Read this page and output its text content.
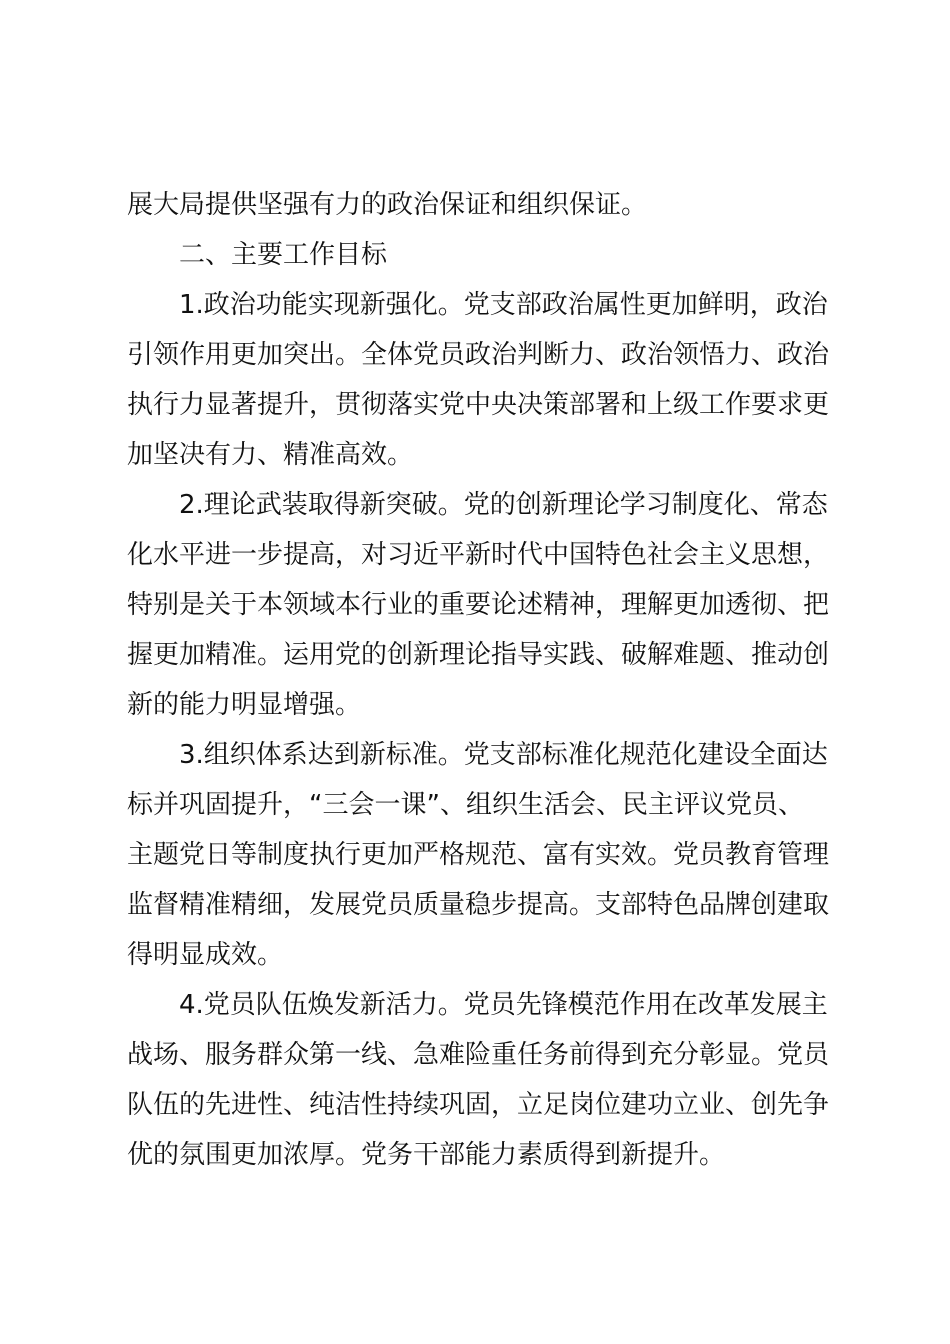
展大局提供坚强有力的政治保证和组织保证。
二、主要工作目标
1.政治功能实现新强化。党支部政治属性更加鲜明，政治
引领作用更加突出。全体党员政治判断力、政治领悟力、政治
执行力显著提升，贯彻落实党中央决策部署和上级工作要求更
加坚决有力、精准高效。
2.理论武装取得新突破。党的创新理论学习制度化、常态
化水平进一步提高，对习近平新时代中国特色社会主义思想，
特别是关于本领域本行业的重要论述精神，理解更加透彻、把
握更加精准。运用党的创新理论指导实践、破解难题、推动创
新的能力明显增强。
3.组织体系达到新标准。党支部标准化规范化建设全面达
标并巩固提升，“三会一课”、组织生活会、民主评议党员、
主题党日等制度执行更加严格规范、富有实效。党员教育管理
监督精准精细，发展党员质量稳步提高。支部特色品牌创建取
得明显成效。
4.党员队伍焕发新活力。党员先锋模范作用在改革发展主
战场、服务群众第一线、急难险重任务前得到充分彰显。党员
队伍的先进性、纯洁性持续巩固，立足岗位建功立业、创先争
优的氛围更加浓厚。党务干部能力素质得到新提升。
